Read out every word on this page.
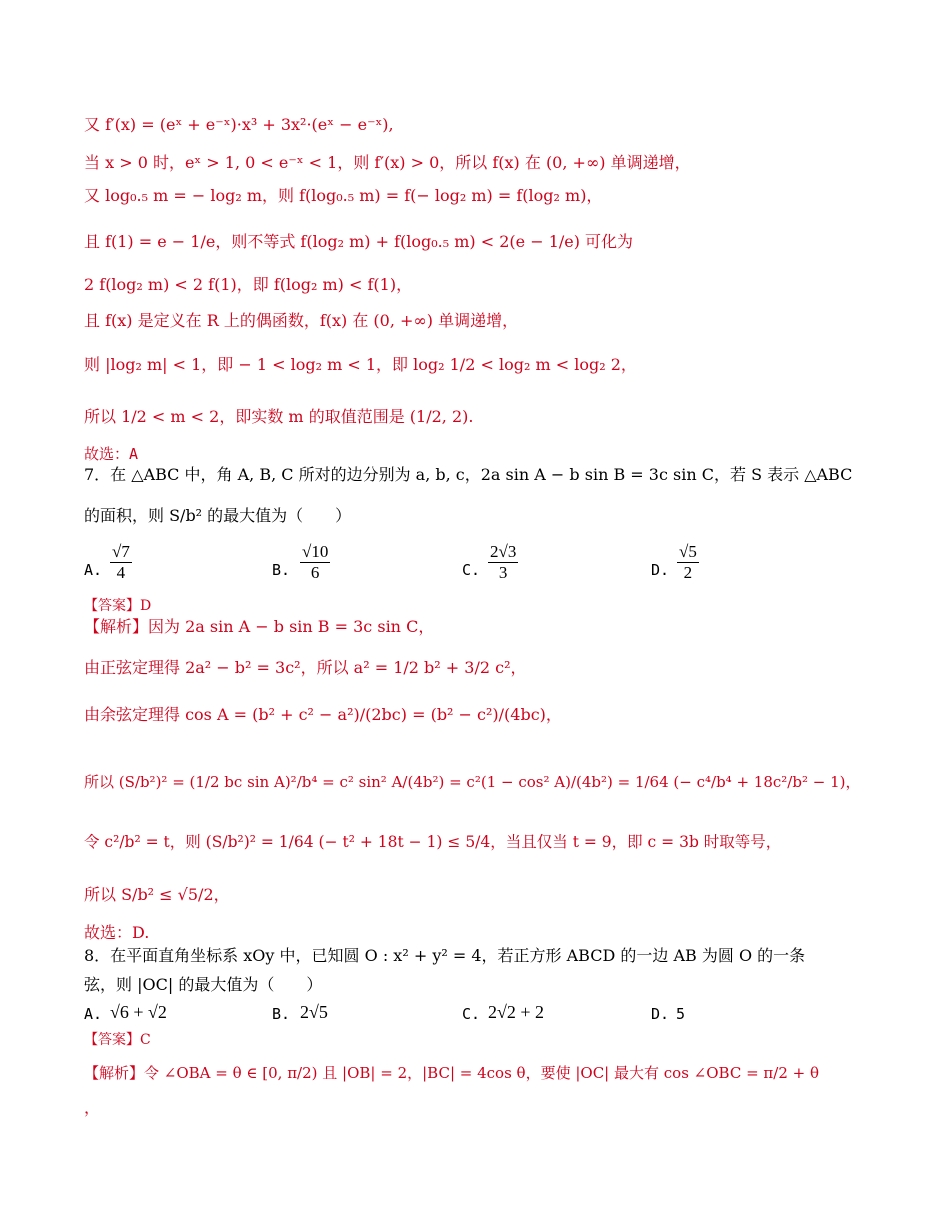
又 f′(x) = (eˣ + e⁻ˣ)·x³ + 3x²·(eˣ − e⁻ˣ),
当 x > 0 时，eˣ > 1, 0 < e⁻ˣ < 1，则 f′(x) > 0，所以 f(x) 在 (0, +∞) 单调递增，
又 log₀.₅ m = − log₂ m，则 f(log₀.₅ m) = f(− log₂ m) = f(log₂ m)，
且 f(1) = e − 1/e，则不等式 f(log₂ m) + f(log₀.₅ m) < 2(e − 1/e) 可化为
2 f(log₂ m) < 2 f(1)，即 f(log₂ m) < f(1)，
且 f(x) 是定义在 R 上的偶函数，f(x) 在 (0, +∞) 单调递增，
则 |log₂ m| < 1，即 − 1 < log₂ m < 1，即 log₂ 1/2 < log₂ m < log₂ 2，
所以 1/2 < m < 2，即实数 m 的取值范围是 (1/2, 2).
故选：A
7．在 △ABC 中，角 A, B, C 所对的边分别为 a, b, c，2a sin A − b sin B = 3c sin C，若 S 表示 △ABC
的面积，则 S/b² 的最大值为（　　）
A. $\frac{√7}{4}$	B. $\frac{√10}{6}$	C. $\frac{2√3}{3}$	D. $\frac{√5}{2}$
【答案】D
【解析】因为 2a sin A − b sin B = 3c sin C，
由正弦定理得 2a² − b² = 3c²，所以 a² = 1/2 b² + 3/2 c²，
由余弦定理得 cos A = (b² + c² − a²)/(2bc) = (b² − c²)/(4bc)，
所以 (S/b²)² = (1/2 bc sin A)²/b⁴ = c² sin² A/(4b²) = c²(1 − cos² A)/(4b²) = 1/64 (− c⁴/b⁴ + 18c²/b² − 1)，
令 c²/b² = t，则 (S/b²)² = 1/64 (− t² + 18t − 1) ≤ 5/4，当且仅当 t = 9，即 c = 3b 时取等号，
所以 S/b² ≤ √5/2，
故选：D.
8．在平面直角坐标系 xOy 中，已知圆 O : x² + y² = 4，若正方形 ABCD 的一边 AB 为圆 O 的一条
弦，则 |OC| 的最大值为（　　）
A. √6 + √2	B. 2√5	C. 2√2 + 2	D. 5
【答案】C
【解析】令 ∠OBA = θ ∈ [0, π/2) 且 |OB| = 2，|BC| = 4cos θ，要使 |OC| 最大有 cos ∠OBC = π/2 + θ
，
